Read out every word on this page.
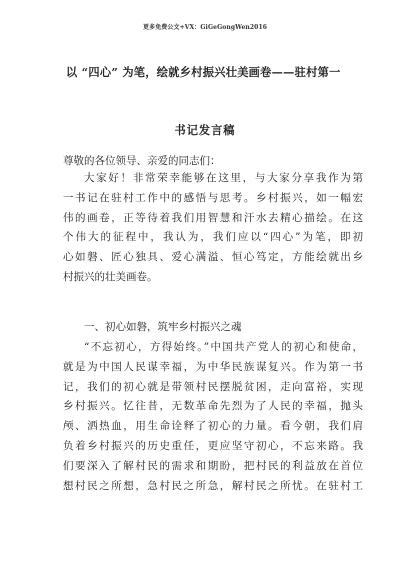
更多免费公文+VX：GiGeGongWen2016
以 “四心” 为笔，绘就乡村振兴壮美画卷——驻村第一
书记发言稿
尊敬的各位领导、亲爱的同志们：
大家好！非常荣幸能够在这里，与大家分享我作为第
一书记在驻村工作中的感悟与思考。乡村振兴，如一幅宏
伟的画卷，正等待着我们用智慧和汗水去精心描绘。在这
个伟大的征程中，我认为，我们应以“四心”为笔，即初
心如磐、匠心独具、爱心满溢、恒心笃定，方能绘就出乡
村振兴的壮美画卷。
一、初心如磐，筑牢乡村振兴之魂
“不忘初心，方得始终。”中国共产党人的初心和使命，
就是为中国人民谋幸福，为中华民族谋复兴。作为第一书
记，我们的初心就是带领村民摆脱贫困，走向富裕，实现
乡村振兴。忆往昔，无数革命先烈为了人民的幸福，抛头
颅、洒热血，用生命诠释了初心的力量。看今朝，我们肩
负着乡村振兴的历史重任，更应坚守初心，不忘来路。我
们要深入了解村民的需求和期盼，把村民的利益放在首位
想村民之所想，急村民之所急，解村民之所忧。在驻村工
